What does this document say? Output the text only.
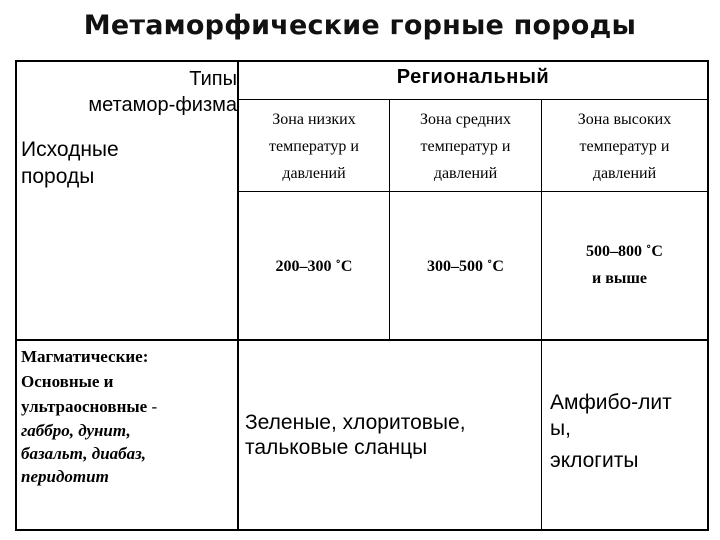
Метаморфические горные породы
Типы
метамор-физма
Исходные
породы
Региональный
Зона низких
температур и
давлений
Зона средних
температур и
давлений
Зона высоких
температур и
давлений
200–300 ˚С	300–500 ˚С
500–800 ˚С
и выше
Магматические:
Основные и
ультраосновные -
габбро, дунит,
базальт, диабаз,
перидотит
Зеленые, хлоритовые,
тальковые сланцы
Амфибо-лит
ы,
эклогиты
